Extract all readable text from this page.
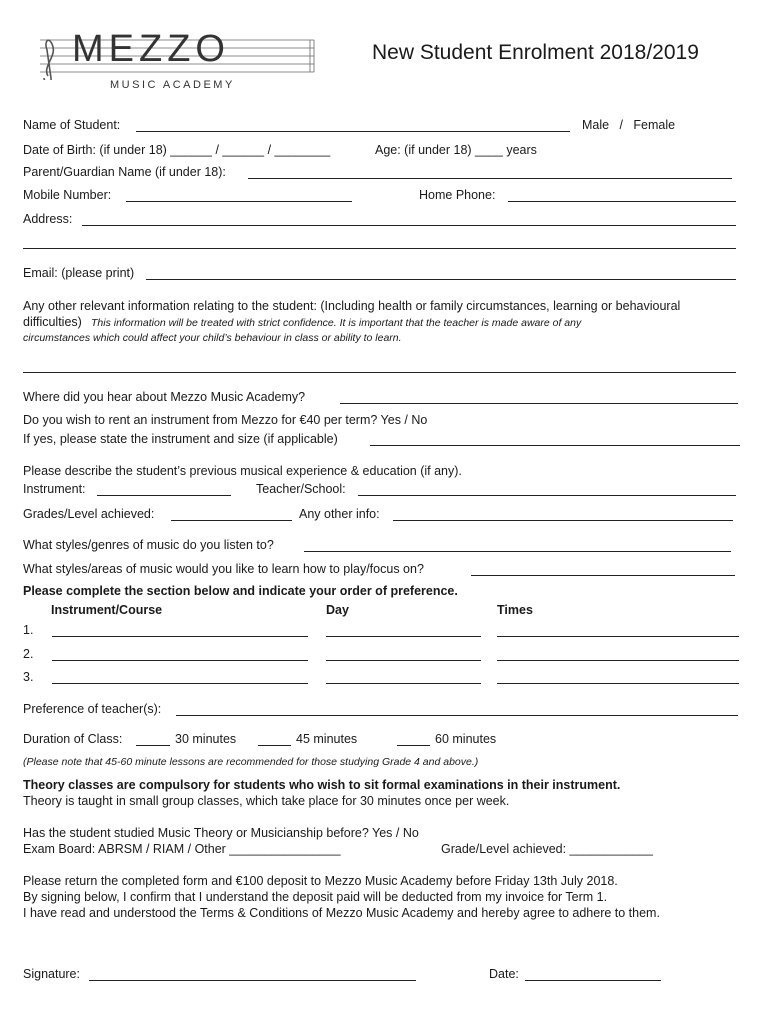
MEZZO
MUSIC ACADEMY
New Student Enrolment 2018/2019
Name of Student:	Male   /   Female
Date of Birth: (if under 18) ______ / ______ / ________	Age: (if under 18) ____ years
Parent/Guardian Name (if under 18):
Mobile Number:	Home Phone:
Address:
Email: (please print)
Any other relevant information relating to the student: (Including health or family circumstances, learning or behavioural
difficulties) This information will be treated with strict confidence. It is important that the teacher is made aware of any
circumstances which could affect your child’s behaviour in class or ability to learn.
Where did you hear about Mezzo Music Academy?
Do you wish to rent an instrument from Mezzo for €40 per term? Yes / No
If yes, please state the instrument and size (if applicable)
Please describe the student’s previous musical experience & education (if any).
Instrument:	Teacher/School:
Grades/Level achieved:	Any other info:
What styles/genres of music do you listen to?
What styles/areas of music would you like to learn how to play/focus on?
Please complete the section below and indicate your order of preference.
Instrument/Course	Day	Times
1.
2.
3.
Preference of teacher(s):
Duration of Class:	30 minutes	45 minutes	60 minutes
(Please note that 45-60 minute lessons are recommended for those studying Grade 4 and above.)
Theory classes are compulsory for students who wish to sit formal examinations in their instrument.
Theory is taught in small group classes, which take place for 30 minutes once per week.
Has the student studied Music Theory or Musicianship before? Yes / No
Exam Board: ABRSM / RIAM / Other ________________	Grade/Level achieved: ____________
Please return the completed form and €100 deposit to Mezzo Music Academy before Friday 13th July 2018.
By signing below, I confirm that I understand the deposit paid will be deducted from my invoice for Term 1.
I have read and understood the Terms & Conditions of Mezzo Music Academy and hereby agree to adhere to them.
Signature:	Date:
